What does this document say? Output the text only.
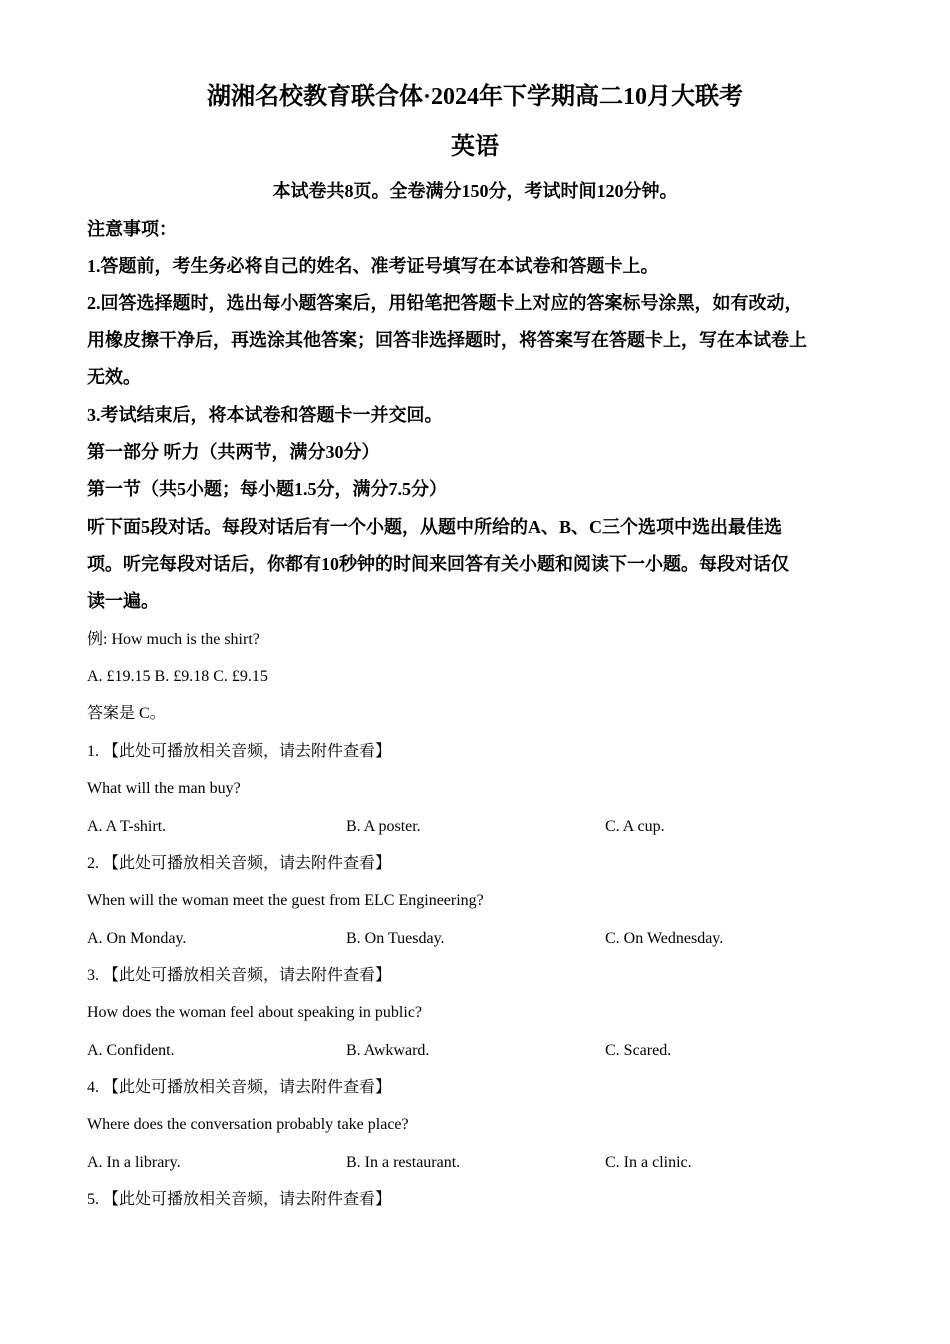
湖湘名校教育联合体·2024年下学期高二10月大联考
英语
本试卷共8页。全卷满分150分，考试时间120分钟。
注意事项：
1.答题前，考生务必将自己的姓名、准考证号填写在本试卷和答题卡上。
2.回答选择题时，选出每小题答案后，用铅笔把答题卡上对应的答案标号涂黑，如有改动，
用橡皮擦干净后，再选涂其他答案；回答非选择题时，将答案写在答题卡上，写在本试卷上
无效。
3.考试结束后，将本试卷和答题卡一并交回。
第一部分 听力（共两节，满分30分）
第一节（共5小题；每小题1.5分，满分7.5分）
听下面5段对话。每段对话后有一个小题，从题中所给的A、B、C三个选项中选出最佳选
项。听完每段对话后，你都有10秒钟的时间来回答有关小题和阅读下一小题。每段对话仅
读一遍。
例: How much is the shirt?
A. £19.15 B. £9.18 C. £9.15
答案是 C。
1. 【此处可播放相关音频，请去附件查看】
What will the man buy?
A. A T-shirt.	B. A poster.	C. A cup.
2. 【此处可播放相关音频，请去附件查看】
When will the woman meet the guest from ELC Engineering?
A. On Monday.	B. On Tuesday.	C. On Wednesday.
3. 【此处可播放相关音频，请去附件查看】
How does the woman feel about speaking in public?
A. Confident.	B. Awkward.	C. Scared.
4. 【此处可播放相关音频，请去附件查看】
Where does the conversation probably take place?
A. In a library.	B. In a restaurant.	C. In a clinic.
5. 【此处可播放相关音频，请去附件查看】
